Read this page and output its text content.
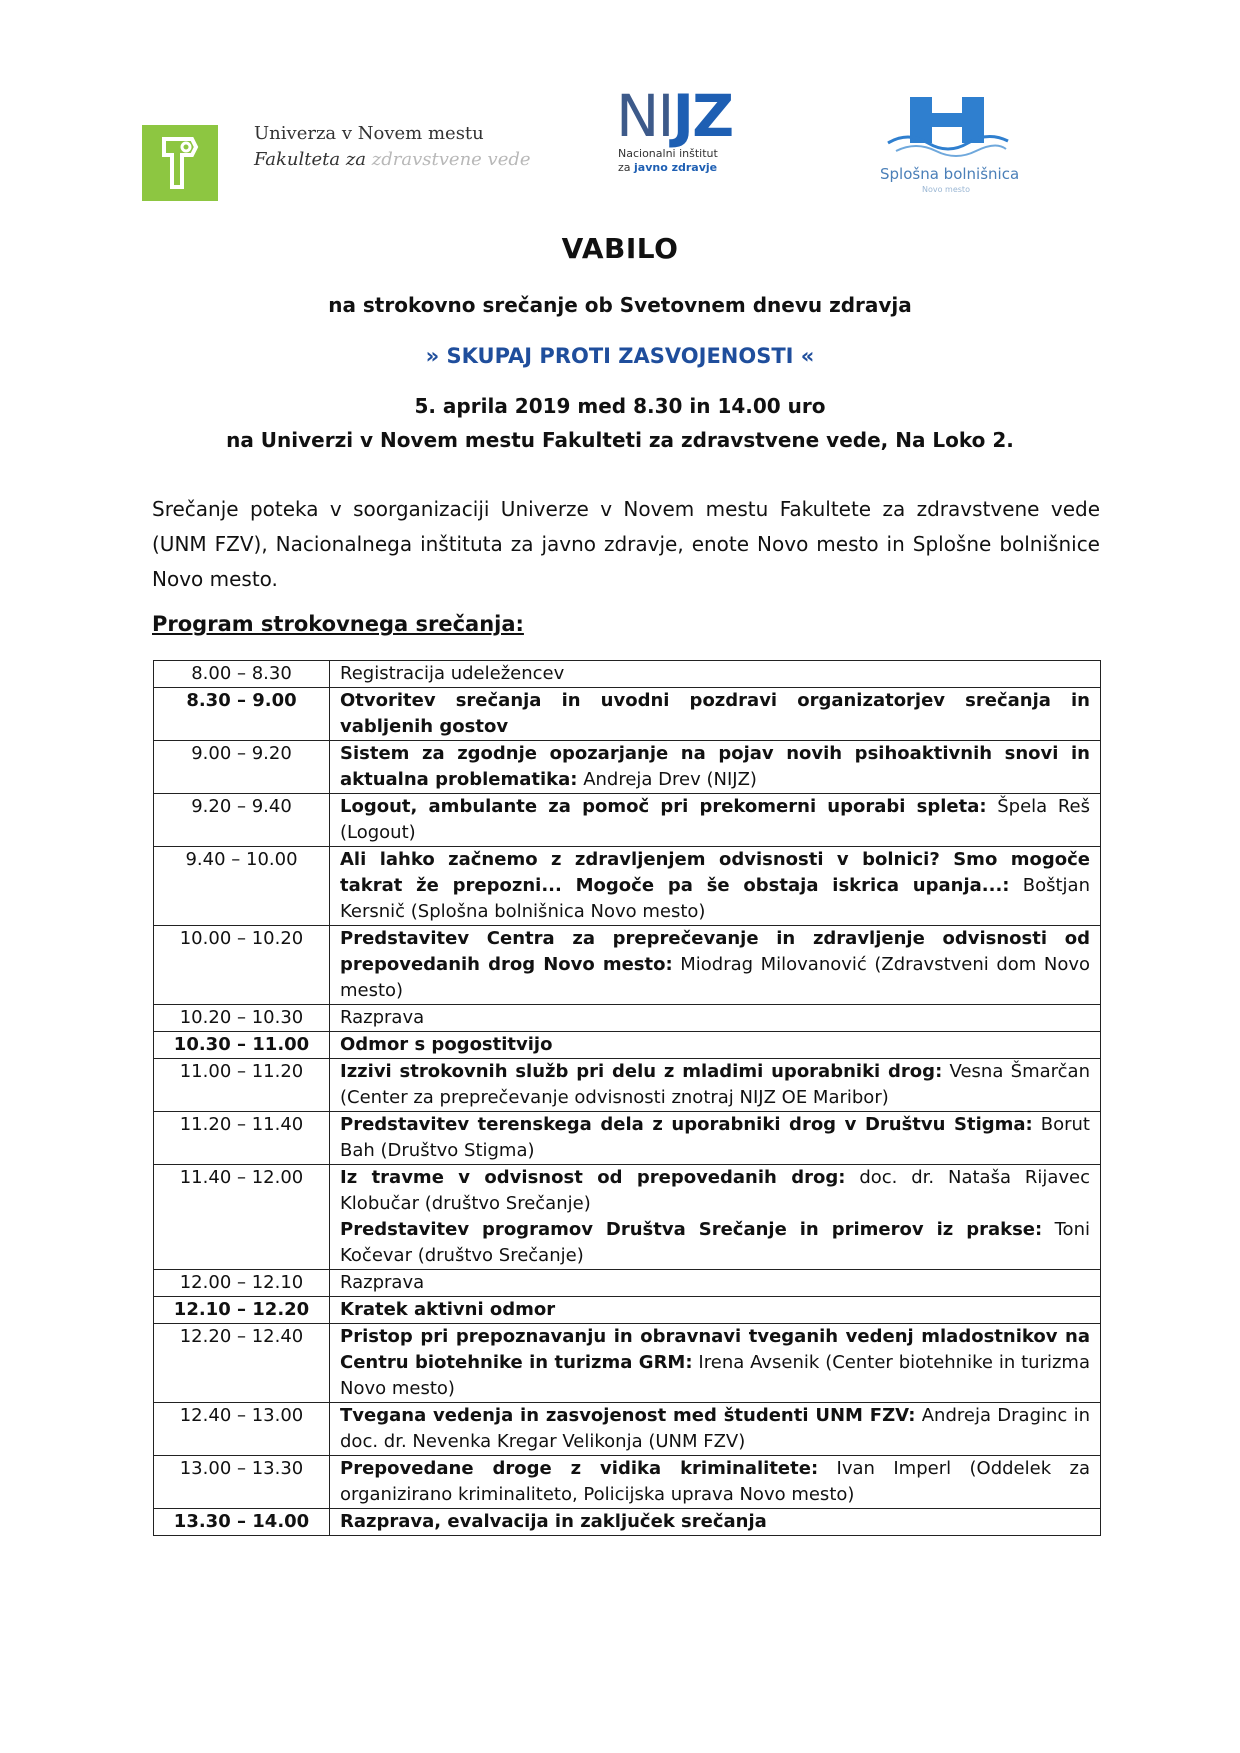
Univerza v Novem mestu
Fakulteta za zdravstvene vede
NIJZ
Nacionalni inštitut
za javno zdravje	Splošna bolnišnica
Novo mesto
VABILO
na strokovno srečanje ob Svetovnem dnevu zdravja
» SKUPAJ PROTI ZASVOJENOSTI «
5. aprila 2019 med 8.30 in 14.00 uro
na Univerzi v Novem mestu Fakulteti za zdravstvene vede, Na Loko 2.
Srečanje poteka v soorganizaciji Univerze v Novem mestu Fakultete za zdravstvene vede (UNM FZV), Nacionalnega inštituta za javno zdravje, enote Novo mesto in Splošne bolnišnice Novo mesto.
Program strokovnega srečanja:
8.00 – 8.30	Registracija udeležencev

8.30 – 9.00	Otvoritev srečanja in uvodni pozdravi organizatorjev srečanja in vabljenih gostov

9.00 – 9.20	Sistem za zgodnje opozarjanje na pojav novih psihoaktivnih snovi in aktualna problematika: Andreja Drev (NIJZ)

9.20 – 9.40	Logout, ambulante za pomoč pri prekomerni uporabi spleta: Špela Reš (Logout)

9.40 – 10.00	Ali lahko začnemo z zdravljenjem odvisnosti v bolnici? Smo mogoče takrat že prepozni... Mogoče pa še obstaja iskrica upanja...: Boštjan Kersnič (Splošna bolnišnica Novo mesto)

10.00 – 10.20	Predstavitev Centra za preprečevanje in zdravljenje odvisnosti od prepovedanih drog Novo mesto: Miodrag Milovanović (Zdravstveni dom Novo mesto)

10.20 – 10.30	Razprava

10.30 – 11.00	Odmor s pogostitvijo

11.00 – 11.20	Izzivi strokovnih služb pri delu z mladimi uporabniki drog: Vesna Šmarčan (Center za preprečevanje odvisnosti znotraj NIJZ OE Maribor)

11.20 – 11.40	Predstavitev terenskega dela z uporabniki drog v Društvu Stigma: Borut Bah (Društvo Stigma)

11.40 – 12.00	Iz travme v odvisnost od prepovedanih drog: doc. dr. Nataša Rijavec Klobučar (društvo Srečanje)
Predstavitev programov Društva Srečanje in primerov iz prakse: Toni Kočevar (društvo Srečanje)

12.00 – 12.10	Razprava

12.10 – 12.20	Kratek aktivni odmor

12.20 – 12.40	Pristop pri prepoznavanju in obravnavi tveganih vedenj mladostnikov na Centru biotehnike in turizma GRM: Irena Avsenik (Center biotehnike in turizma Novo mesto)

12.40 – 13.00	Tvegana vedenja in zasvojenost med študenti UNM FZV: Andreja Draginc in doc. dr. Nevenka Kregar Velikonja (UNM FZV)

13.00 – 13.30	Prepovedane droge z vidika kriminalitete: Ivan Imperl (Oddelek za organizirano kriminaliteto, Policijska uprava Novo mesto)

13.30 – 14.00	Razprava, evalvacija in zaključek srečanja
